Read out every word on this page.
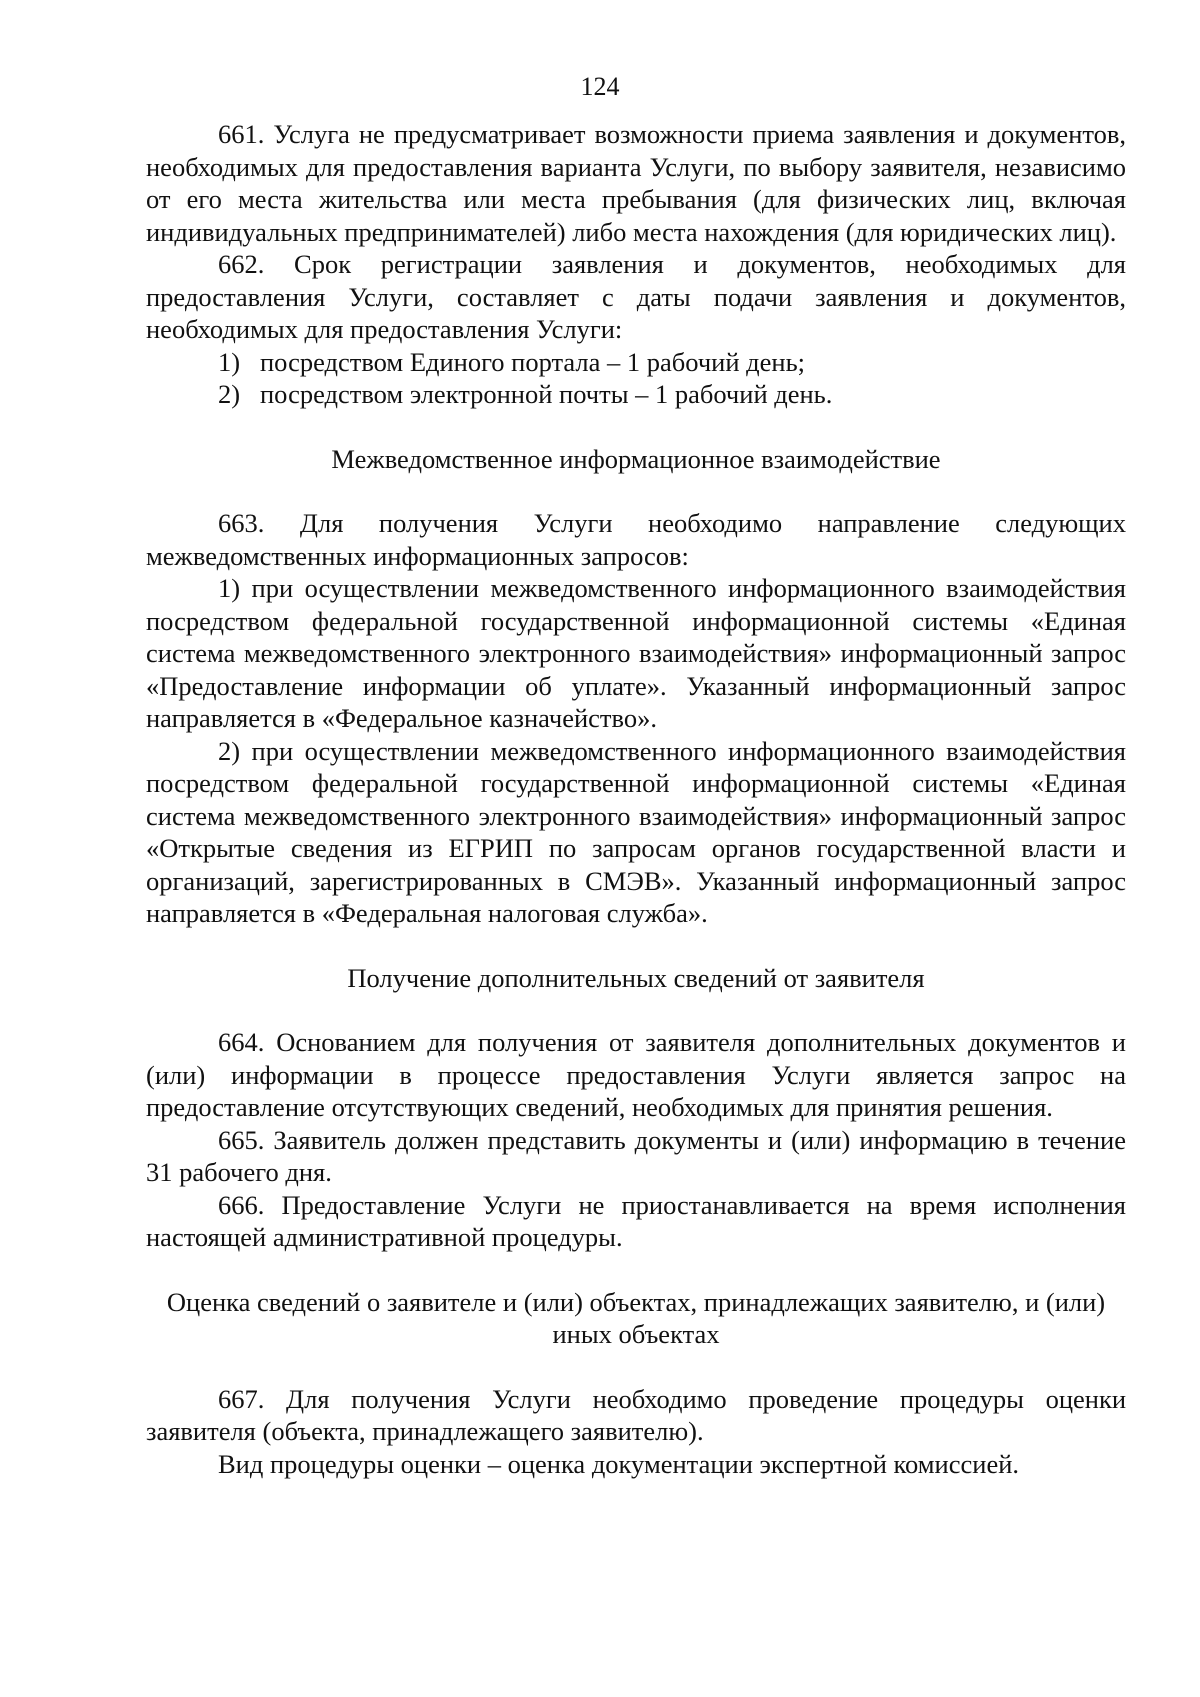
124

661. Услуга не предусматривает возможности приема заявления и документов, необходимых для предоставления варианта Услуги, по выбору заявителя, независимо от его места жительства или места пребывания (для физических лиц, включая индивидуальных предпринимателей) либо места нахождения (для юридических лиц).

662. Срок регистрации заявления и документов, необходимых для предоставления Услуги, составляет с даты подачи заявления и документов, необходимых для предоставления Услуги:

1) посредством Единого портала – 1 рабочий день;

2) посредством электронной почты – 1 рабочий день.

Межведомственное информационное взаимодействие

663. Для получения Услуги необходимо направление следующих межведомственных информационных запросов:

1) при осуществлении межведомственного информационного взаимодействия посредством федеральной государственной информационной системы «Единая система межведомственного электронного взаимодействия» информационный запрос «Предоставление информации об уплате». Указанный информационный запрос направляется в «Федеральное казначейство».

2) при осуществлении межведомственного информационного взаимодействия посредством федеральной государственной информационной системы «Единая система межведомственного электронного взаимодействия» информационный запрос «Открытые сведения из ЕГРИП по запросам органов государственной власти и организаций, зарегистрированных в СМЭВ». Указанный информационный запрос направляется в «Федеральная налоговая служба».

Получение дополнительных сведений от заявителя

664. Основанием для получения от заявителя дополнительных документов и (или) информации в процессе предоставления Услуги является запрос на предоставление отсутствующих сведений, необходимых для принятия решения.

665. Заявитель должен представить документы и (или) информацию в течение 31 рабочего дня.

666. Предоставление Услуги не приостанавливается на время исполнения настоящей административной процедуры.

Оценка сведений о заявителе и (или) объектах, принадлежащих заявителю, и (или) иных объектах

667. Для получения Услуги необходимо проведение процедуры оценки заявителя (объекта, принадлежащего заявителю).

Вид процедуры оценки – оценка документации экспертной комиссией.
